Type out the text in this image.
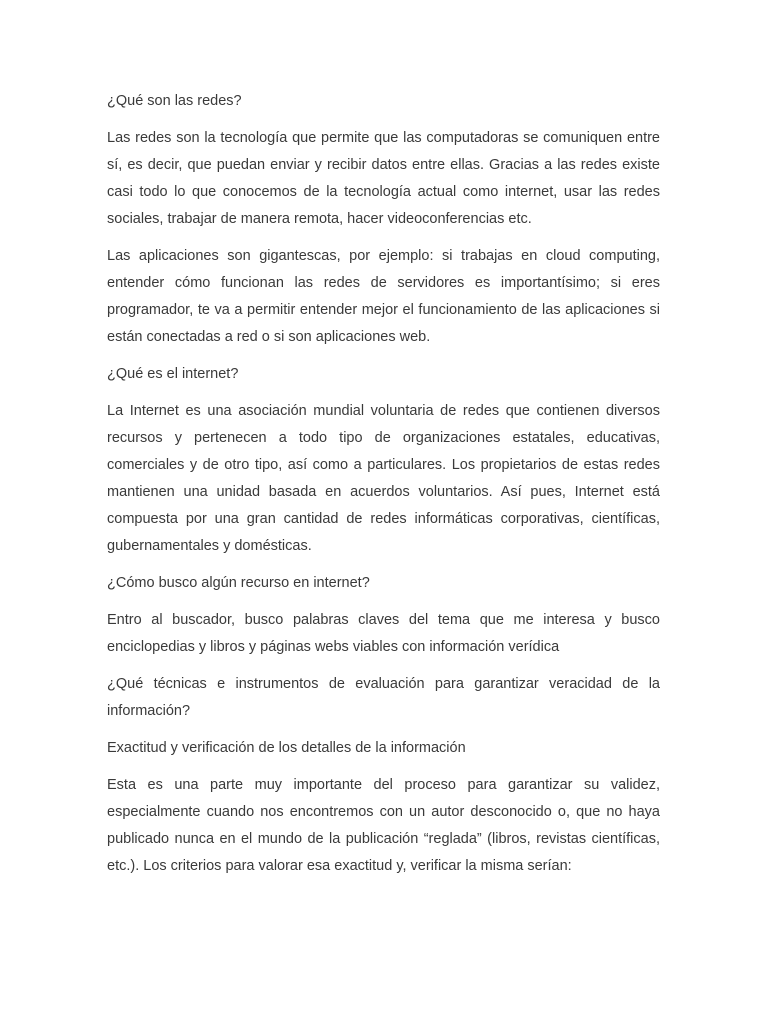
¿Qué son las redes?

Las redes son la tecnología que permite que las computadoras se comuniquen entre sí, es decir, que puedan enviar y recibir datos entre ellas. Gracias a las redes existe casi todo lo que conocemos de la tecnología actual como internet, usar las redes sociales, trabajar de manera remota, hacer videoconferencias etc.

Las aplicaciones son gigantescas, por ejemplo: si trabajas en cloud computing, entender cómo funcionan las redes de servidores es importantísimo; si eres programador, te va a permitir entender mejor el funcionamiento de las aplicaciones si están conectadas a red o si son aplicaciones web.

¿Qué es el internet?

La Internet es una asociación mundial voluntaria de redes que contienen diversos recursos y pertenecen a todo tipo de organizaciones estatales, educativas, comerciales y de otro tipo, así como a particulares. Los propietarios de estas redes mantienen una unidad basada en acuerdos voluntarios. Así pues, Internet está compuesta por una gran cantidad de redes informáticas corporativas, científicas, gubernamentales y domésticas.

¿Cómo busco algún recurso en internet?

Entro al buscador, busco palabras claves del tema que me interesa y busco enciclopedias y libros y páginas webs viables con información verídica

¿Qué técnicas e instrumentos de evaluación para garantizar veracidad de la información?

Exactitud y verificación de los detalles de la información

Esta es una parte muy importante del proceso para garantizar su validez, especialmente cuando nos encontremos con un autor desconocido o, que no haya publicado nunca en el mundo de la publicación “reglada” (libros, revistas científicas, etc.). Los criterios para valorar esa exactitud y, verificar la misma serían:
